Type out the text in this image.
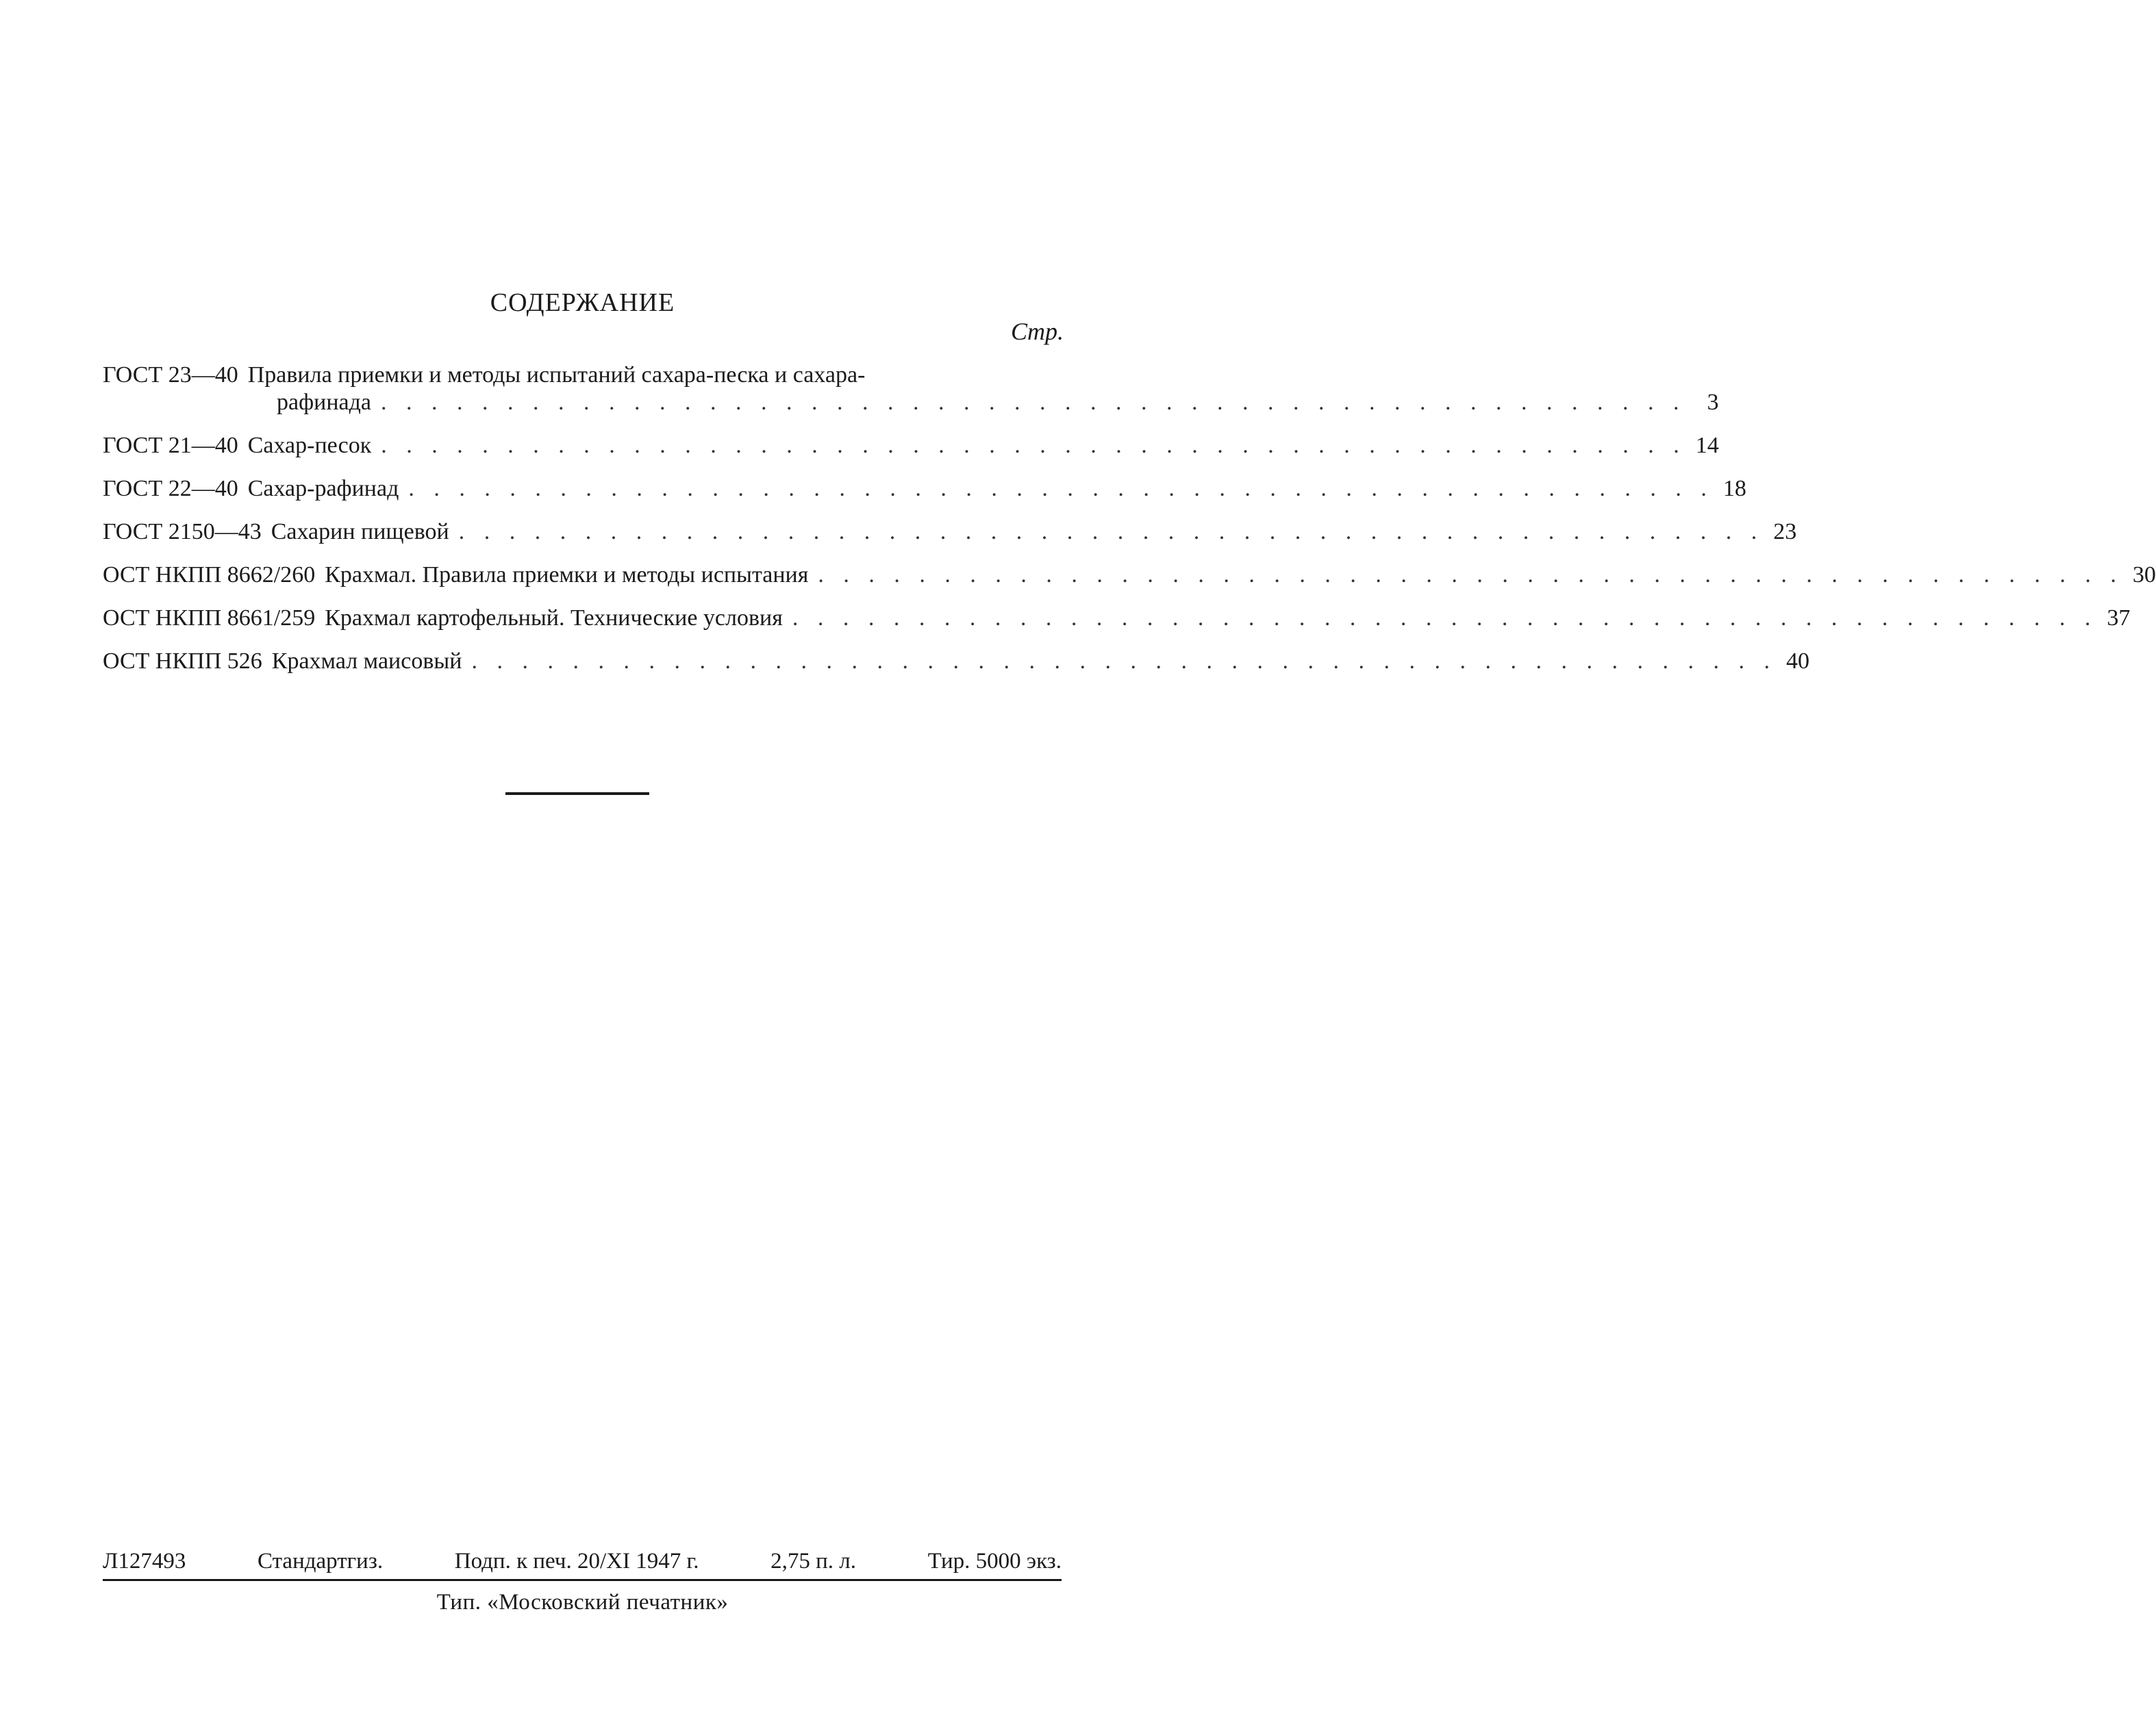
СОДЕРЖАНИЕ
Cтр.
ГОСТ 23—40 Правила приемки и методы испытаний сахара-песка и сахара-
рафинада . . . . . . . . . . . . . . . . . . . . . . . . . . . . . . . . . . . . . . . . . . . . . . . . . . . . 3
ГОСТ 21—40 Сахар-песок . . . . . . . . . . . . . . . . . . . . . . . . . . . . . . . . . . . . . . . . . . . . . . . . . . . . 14
ГОСТ 22—40 Сахар-рафинад . . . . . . . . . . . . . . . . . . . . . . . . . . . . . . . . . . . . . . . . . . . . . . . . . . . . 18
ГОСТ 2150—43 Сахарин пищевой . . . . . . . . . . . . . . . . . . . . . . . . . . . . . . . . . . . . . . . . . . . . . . . . . . . . 23
ОСТ НКПП 8662/260 Крахмал. Правила приемки и методы испытания . . . . . . . . . . . . . . . . . . . . . . . . . . . . . . . . . . . . . . . . . . . . . . . . . . . . 30
ОСТ НКПП 8661/259 Крахмал картофельный. Технические условия . . . . . . . . . . . . . . . . . . . . . . . . . . . . . . . . . . . . . . . . . . . . . . . . . . . . 37
ОСТ НКПП 526 Крахмал маисовый . . . . . . . . . . . . . . . . . . . . . . . . . . . . . . . . . . . . . . . . . . . . . . . . . . . . 40
Л127493	Стандартгиз.	Подп. к печ. 20/XI 1947 г.	2,75 п. л.	Тир. 5000 экз.
Тип. «Московский печатник»
